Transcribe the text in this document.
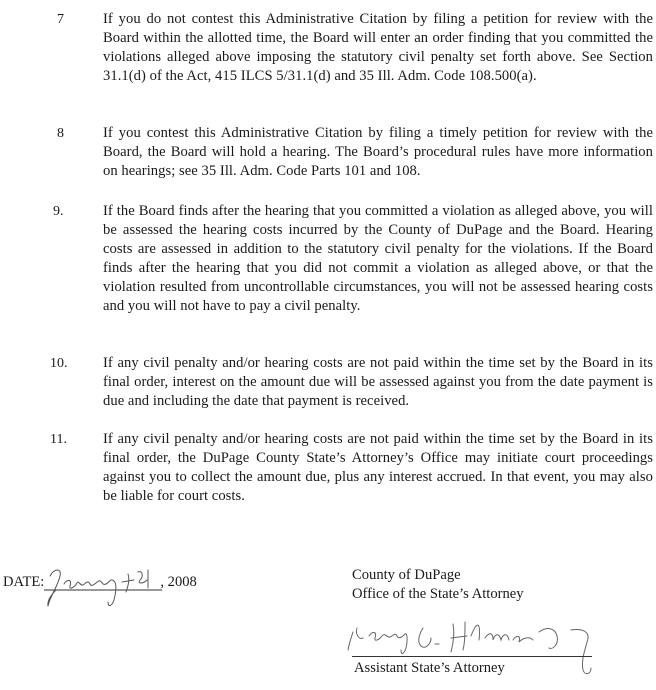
7	If you do not contest this Administrative Citation by filing a petition for review with the Board within the allotted time, the Board will enter an order finding that you committed the violations alleged above imposing the statutory civil penalty set forth above. See Section 31.1(d) of the Act, 415 ILCS 5/31.1(d) and 35 Ill. Adm. Code 108.500(a).
8	If you contest this Administrative Citation by filing a timely petition for review with the Board, the Board will hold a hearing. The Board’s procedural rules have more information on hearings; see 35 Ill. Adm. Code Parts 101 and 108.
9.	If the Board finds after the hearing that you committed a violation as alleged above, you will be assessed the hearing costs incurred by the County of DuPage and the Board. Hearing costs are assessed in addition to the statutory civil penalty for the violations. If the Board finds after the hearing that you did not commit a violation as alleged above, or that the violation resulted from uncontrollable circumstances, you will not be assessed hearing costs and you will not have to pay a civil penalty.
10. If any civil penalty and/or hearing costs are not paid within the time set by the Board in its final order, interest on the amount due will be assessed against you from the date payment is due and including the date that payment is received.
11. If any civil penalty and/or hearing costs are not paid within the time set by the Board in its final order, the DuPage County State’s Attorney’s Office may initiate court proceedings against you to collect the amount due, plus any interest accrued. In that event, you may also be liable for court costs.
DATE:	, 2008	County of DuPage
Office of the State’s Attorney
Assistant State’s Attorney
